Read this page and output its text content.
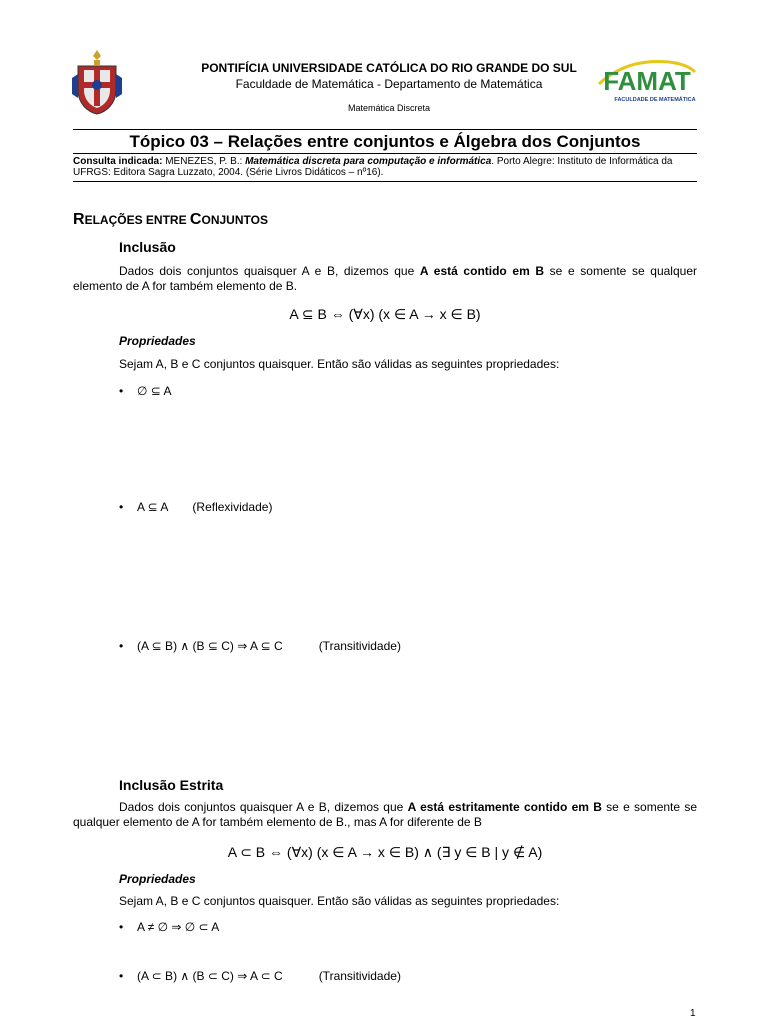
PONTIFÍCIA UNIVERSIDADE CATÓLICA DO RIO GRANDE DO SUL
Faculdade de Matemática - Departamento de Matemática
Matemática Discreta
FAMAT
FACULDADE DE MATEMÁTICA
Tópico 03 – Relações entre conjuntos e Álgebra dos Conjuntos
Consulta indicada: MENEZES, P. B.: Matemática discreta para computação e informática. Porto Alegre: Instituto de Informática da UFRGS: Editora Sagra Luzzato, 2004. (Série Livros Didáticos – nº16).
RELAÇÕES ENTRE CONJUNTOS
Inclusão
Dados dois conjuntos quaisquer A e B, dizemos que A está contido em B se e somente se qualquer elemento de A for também elemento de B.
A ⊆ B ⇔ (∀x) (x ∈ A → x ∈ B)
Propriedades
Sejam A, B e C conjuntos quaisquer. Então são válidas as seguintes propriedades:
• ∅ ⊆ A
• A ⊆ A (Reflexividade)
• (A ⊆ B) ∧ (B ⊆ C) ⇒ A ⊆ C	(Transitividade)
Inclusão Estrita
Dados dois conjuntos quaisquer A e B, dizemos que A está estritamente contido em B se e somente se qualquer elemento de A for também elemento de B., mas A for diferente de B
A ⊂ B ⇔ (∀x) (x ∈ A → x ∈ B) ∧ (∃ y ∈ B | y ∉ A)
Propriedades
Sejam A, B e C conjuntos quaisquer. Então são válidas as seguintes propriedades:
• A ≠ ∅ ⇒ ∅ ⊂ A
• (A ⊂ B) ∧ (B ⊂ C) ⇒ A ⊂ C	(Transitividade)
1
